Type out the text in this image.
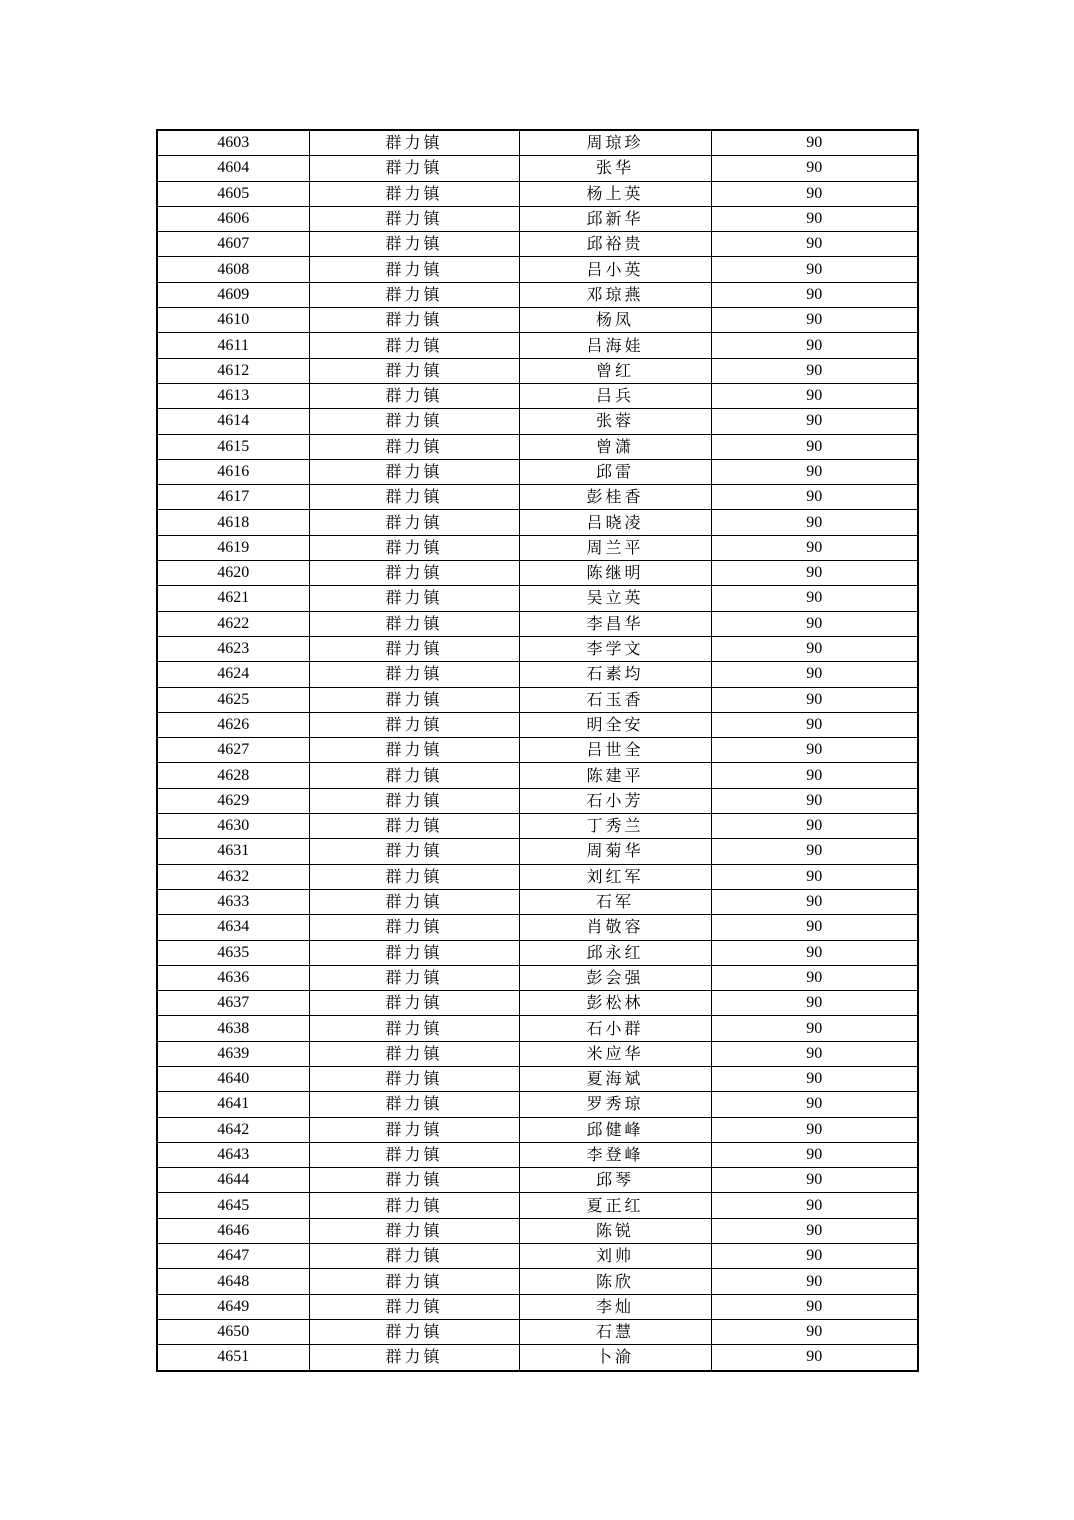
4603	群力镇	周琼珍	90
4604	群力镇	张华	90
4605	群力镇	杨上英	90
4606	群力镇	邱新华	90
4607	群力镇	邱裕贵	90
4608	群力镇	吕小英	90
4609	群力镇	邓琼燕	90
4610	群力镇	杨凤	90
4611	群力镇	吕海娃	90
4612	群力镇	曾红	90
4613	群力镇	吕兵	90
4614	群力镇	张蓉	90
4615	群力镇	曾潇	90
4616	群力镇	邱雷	90
4617	群力镇	彭桂香	90
4618	群力镇	吕晓凌	90
4619	群力镇	周兰平	90
4620	群力镇	陈继明	90
4621	群力镇	吴立英	90
4622	群力镇	李昌华	90
4623	群力镇	李学文	90
4624	群力镇	石素均	90
4625	群力镇	石玉香	90
4626	群力镇	明全安	90
4627	群力镇	吕世全	90
4628	群力镇	陈建平	90
4629	群力镇	石小芳	90
4630	群力镇	丁秀兰	90
4631	群力镇	周菊华	90
4632	群力镇	刘红军	90
4633	群力镇	石军	90
4634	群力镇	肖敬容	90
4635	群力镇	邱永红	90
4636	群力镇	彭会强	90
4637	群力镇	彭松林	90
4638	群力镇	石小群	90
4639	群力镇	米应华	90
4640	群力镇	夏海斌	90
4641	群力镇	罗秀琼	90
4642	群力镇	邱健峰	90
4643	群力镇	李登峰	90
4644	群力镇	邱琴	90
4645	群力镇	夏正红	90
4646	群力镇	陈锐	90
4647	群力镇	刘帅	90
4648	群力镇	陈欣	90
4649	群力镇	李灿	90
4650	群力镇	石慧	90
4651	群力镇	卜渝	90
